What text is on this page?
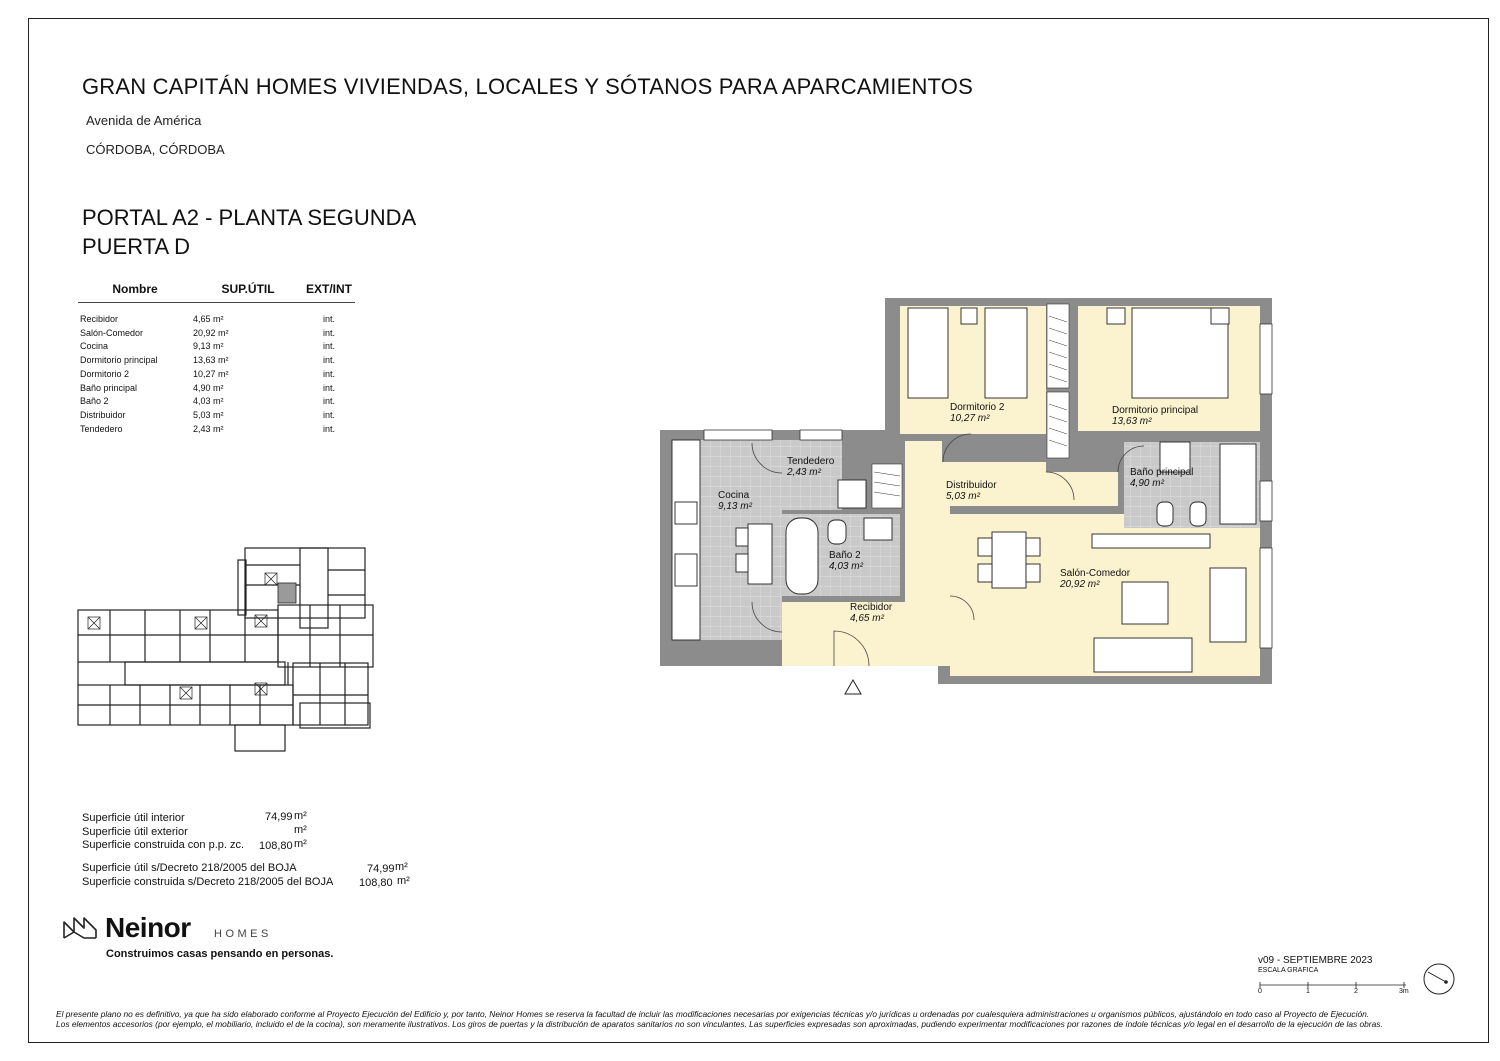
GRAN CAPITÁN HOMES VIVIENDAS, LOCALES Y SÓTANOS PARA APARCAMIENTOS
Avenida de América
CÓRDOBA, CÓRDOBA
PORTAL A2 - PLANTA SEGUNDA
PUERTA D
Nombre	SUP.ÚTIL	EXT/INT

Recibidor	4,65 m²	int.
Salón-Comedor	20,92 m²	int.
Cocina	9,13 m²	int.
Dormitorio principal	13,63 m²	int.
Dormitorio 2	10,27 m²	int.
Baño principal	4,90 m²	int.
Baño 2	4,03 m²	int.
Distribuidor	5,03 m²	int.
Tendedero	2,43 m²	int.
Superficie útil interior	74,99 m²
Superficie útil exterior	m²
Superficie construida con p.p. zc. 108,80 m²
Superficie útil s/Decreto 218/2005 del BOJA	74,99 m²
Superficie construida s/Decreto 218/2005 del BOJA 108,80 m²
Neinor HOMES
Construimos casas pensando en personas.
Dormitorio 2
10,27 m²
Dormitorio principal
13,63 m²
Tendedero
2,43 m²
Distribuidor
5,03 m²
Baño principal
4,90 m²
Cocina
9,13 m²
Baño 2
4,03 m²
Salón-Comedor
20,92 m²
Recibidor
4,65 m²
v09 - SEPTIEMBRE 2023
ESCALA GRAFICA
0	1	2	3m
El presente plano no es definitivo, ya que ha sido elaborado conforme al Proyecto Ejecución del Edificio y, por tanto, Neinor Homes se reserva la facultad de incluir las modificaciones necesarias por exigencias técnicas y/o jurídicas u ordenadas por cualesquiera administraciones u organismos públicos, ajustándolo en todo caso al Proyecto de Ejecución.
Los elementos accesorios (por ejemplo, el mobiliario, incluido el de la cocina), son meramente ilustrativos. Los giros de puertas y la distribución de aparatos sanitarios no son vinculantes. Las superficies expresadas son aproximadas, pudiendo experimentar modificaciones por razones de índole técnicas y/o legal en el desarrollo de la ejecución de las obras.
